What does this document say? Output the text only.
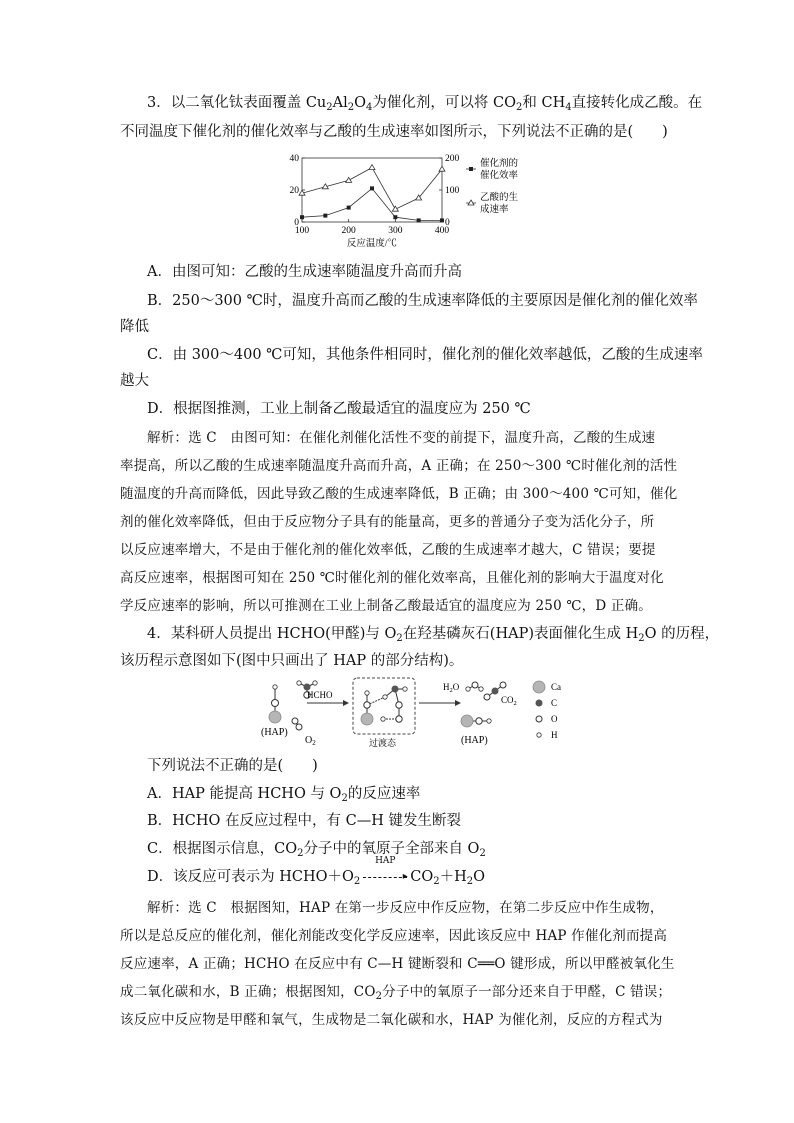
3．以二氧化钛表面覆盖 $Cu_2Al_2O_4$为催化剂，可以将 $CO_2$和 $CH_4$直接转化成乙酸。在
不同温度下催化剂的催化效率与乙酸的生成速率如图所示，下列说法不正确的是(　　)
100	200	300	400
0
20
40
0
100
200
反应温度/℃
催化剂的
催化效率
乙酸的生
成速率
A．由图可知：乙酸的生成速率随温度升高而升高
B．250～300 ℃时，温度升高而乙酸的生成速率降低的主要原因是催化剂的催化效率
降低
C．由 300～400 ℃可知，其他条件相同时，催化剂的催化效率越低，乙酸的生成速率
越大
D．根据图推测，工业上制备乙酸最适宜的温度应为 250 ℃
解析：选 C　由图可知：在催化剂催化活性不变的前提下，温度升高，乙酸的生成速
率提高，所以乙酸的生成速率随温度升高而升高，A 正确；在 250～300 ℃时催化剂的活性
随温度的升高而降低，因此导致乙酸的生成速率降低，B 正确；由 300～400 ℃可知，催化
剂的催化效率降低，但由于反应物分子具有的能量高，更多的普通分子变为活化分子，所
以反应速率增大，不是由于催化剂的催化效率低，乙酸的生成速率才越大，C 错误；要提
高反应速率，根据图可知在 250 ℃时催化剂的催化效率高，且催化剂的影响大于温度对化
学反应速率的影响，所以可推测在工业上制备乙酸最适宜的温度应为 250 ℃，D 正确。
4．某科研人员提出 HCHO(甲醛)与 $O_2$在羟基磷灰石(HAP)表面催化生成 $H_2O$ 的历程，
该历程示意图如下(图中只画出了 HAP 的部分结构)。
(HAP)
$O_2$
HCHO
过渡态
$H_2O$
$CO_2$
(HAP)
Ca
C
O
H
下列说法不正确的是(　　)
A．HAP 能提高 HCHO 与 $O_2$的反应速率
B．HCHO 在反应过程中，有 C—H 键发生断裂
C．根据图示信息，$CO_2$分子中的氧原子全部来自 $O_2$
D．该反应可表示为 $HCHO+O_2$
HAP
▸ $CO_2+H_2O$
解析：选 C　根据图知，HAP 在第一步反应中作反应物，在第二步反应中作生成物，
所以是总反应的催化剂，催化剂能改变化学反应速率，因此该反应中 HAP 作催化剂而提高
反应速率，A 正确；HCHO 在反应中有 C—H 键断裂和 C══O 键形成，所以甲醛被氧化生
成二氧化碳和水，B 正确；根据图知，$CO_2$分子中的氧原子一部分还来自于甲醛，C 错误；
该反应中反应物是甲醛和氧气，生成物是二氧化碳和水，HAP 为催化剂，反应的方程式为
